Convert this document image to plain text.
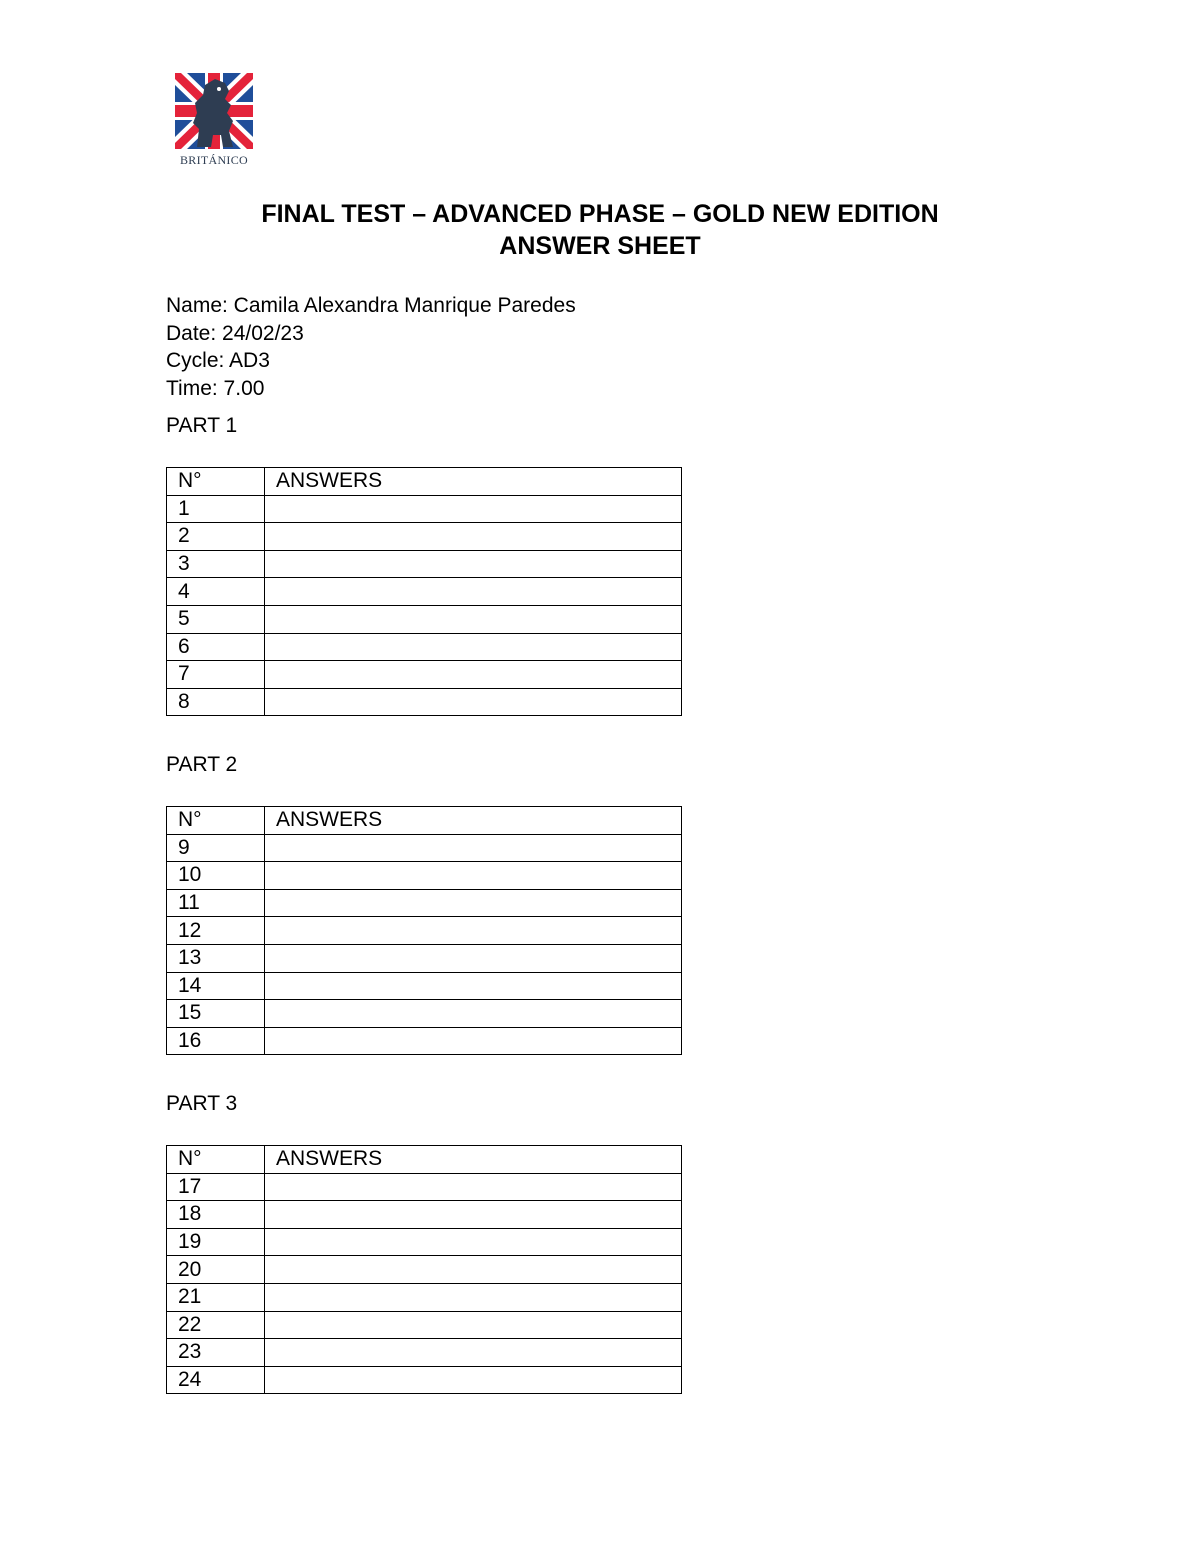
BRITÁNICO
FINAL TEST – ADVANCED PHASE – GOLD NEW EDITION
ANSWER SHEET
Name: Camila Alexandra Manrique Paredes
Date: 24/02/23
Cycle: AD3
Time: 7.00
PART 1
N°	ANSWERS
1	
2	
3	
4	
5	
6	
7	
8	
PART 2
N°	ANSWERS
9	
10	
11	
12	
13	
14	
15	
16	
PART 3
N°	ANSWERS
17	
18	
19	
20	
21	
22	
23	
24	
